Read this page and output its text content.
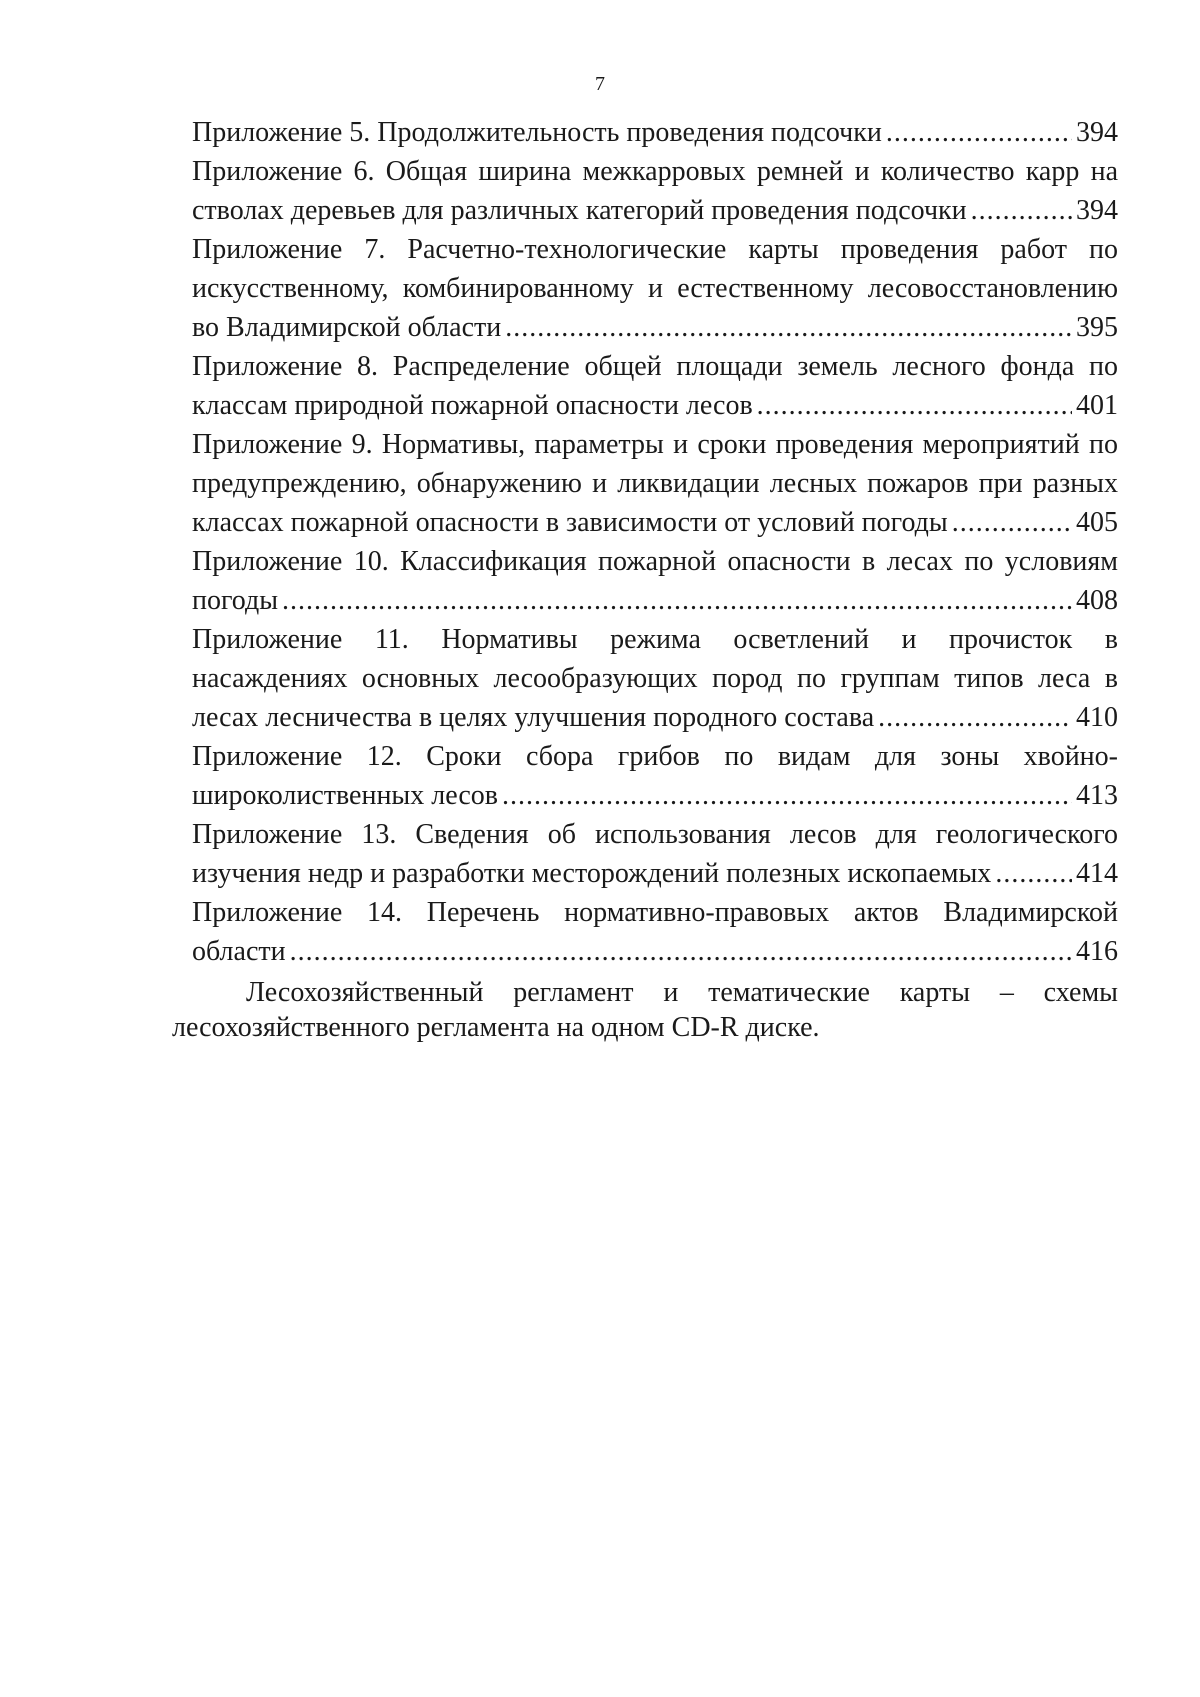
7
Приложение 5. Продолжительность проведения подсочки .....	394
Приложение 6. Общая ширина межкарровых ремней и количество карр на
стволах деревьев для различных категорий проведения подсочки .....	394
Приложение 7. Расчетно-технологические карты проведения работ по
искусственному, комбинированному и естественному лесовосстановлению
во Владимирской области .....	395
Приложение 8. Распределение общей площади земель лесного фонда по
классам природной пожарной опасности лесов .....	401
Приложение 9. Нормативы, параметры и сроки проведения мероприятий по
предупреждению, обнаружению и ликвидации лесных пожаров при разных
классах пожарной опасности в зависимости от условий погоды .....	405
Приложение 10. Классификация пожарной опасности в лесах по условиям
погоды .....	408
Приложение 11. Нормативы режима осветлений и прочисток в
насаждениях основных лесообразующих пород по группам типов леса в
лесах лесничества в целях улучшения породного состава .....	410
Приложение 12. Сроки сбора грибов по видам для зоны хвойно-
широколиственных лесов .....	413
Приложение 13. Сведения об использования лесов для геологического
изучения недр и разработки месторождений полезных ископаемых .....	414
Приложение 14. Перечень нормативно-правовых актов Владимирской
области .....	416
Лесохозяйственный регламент и тематические карты – схемы
лесохозяйственного регламента на одном CD-R диске.
